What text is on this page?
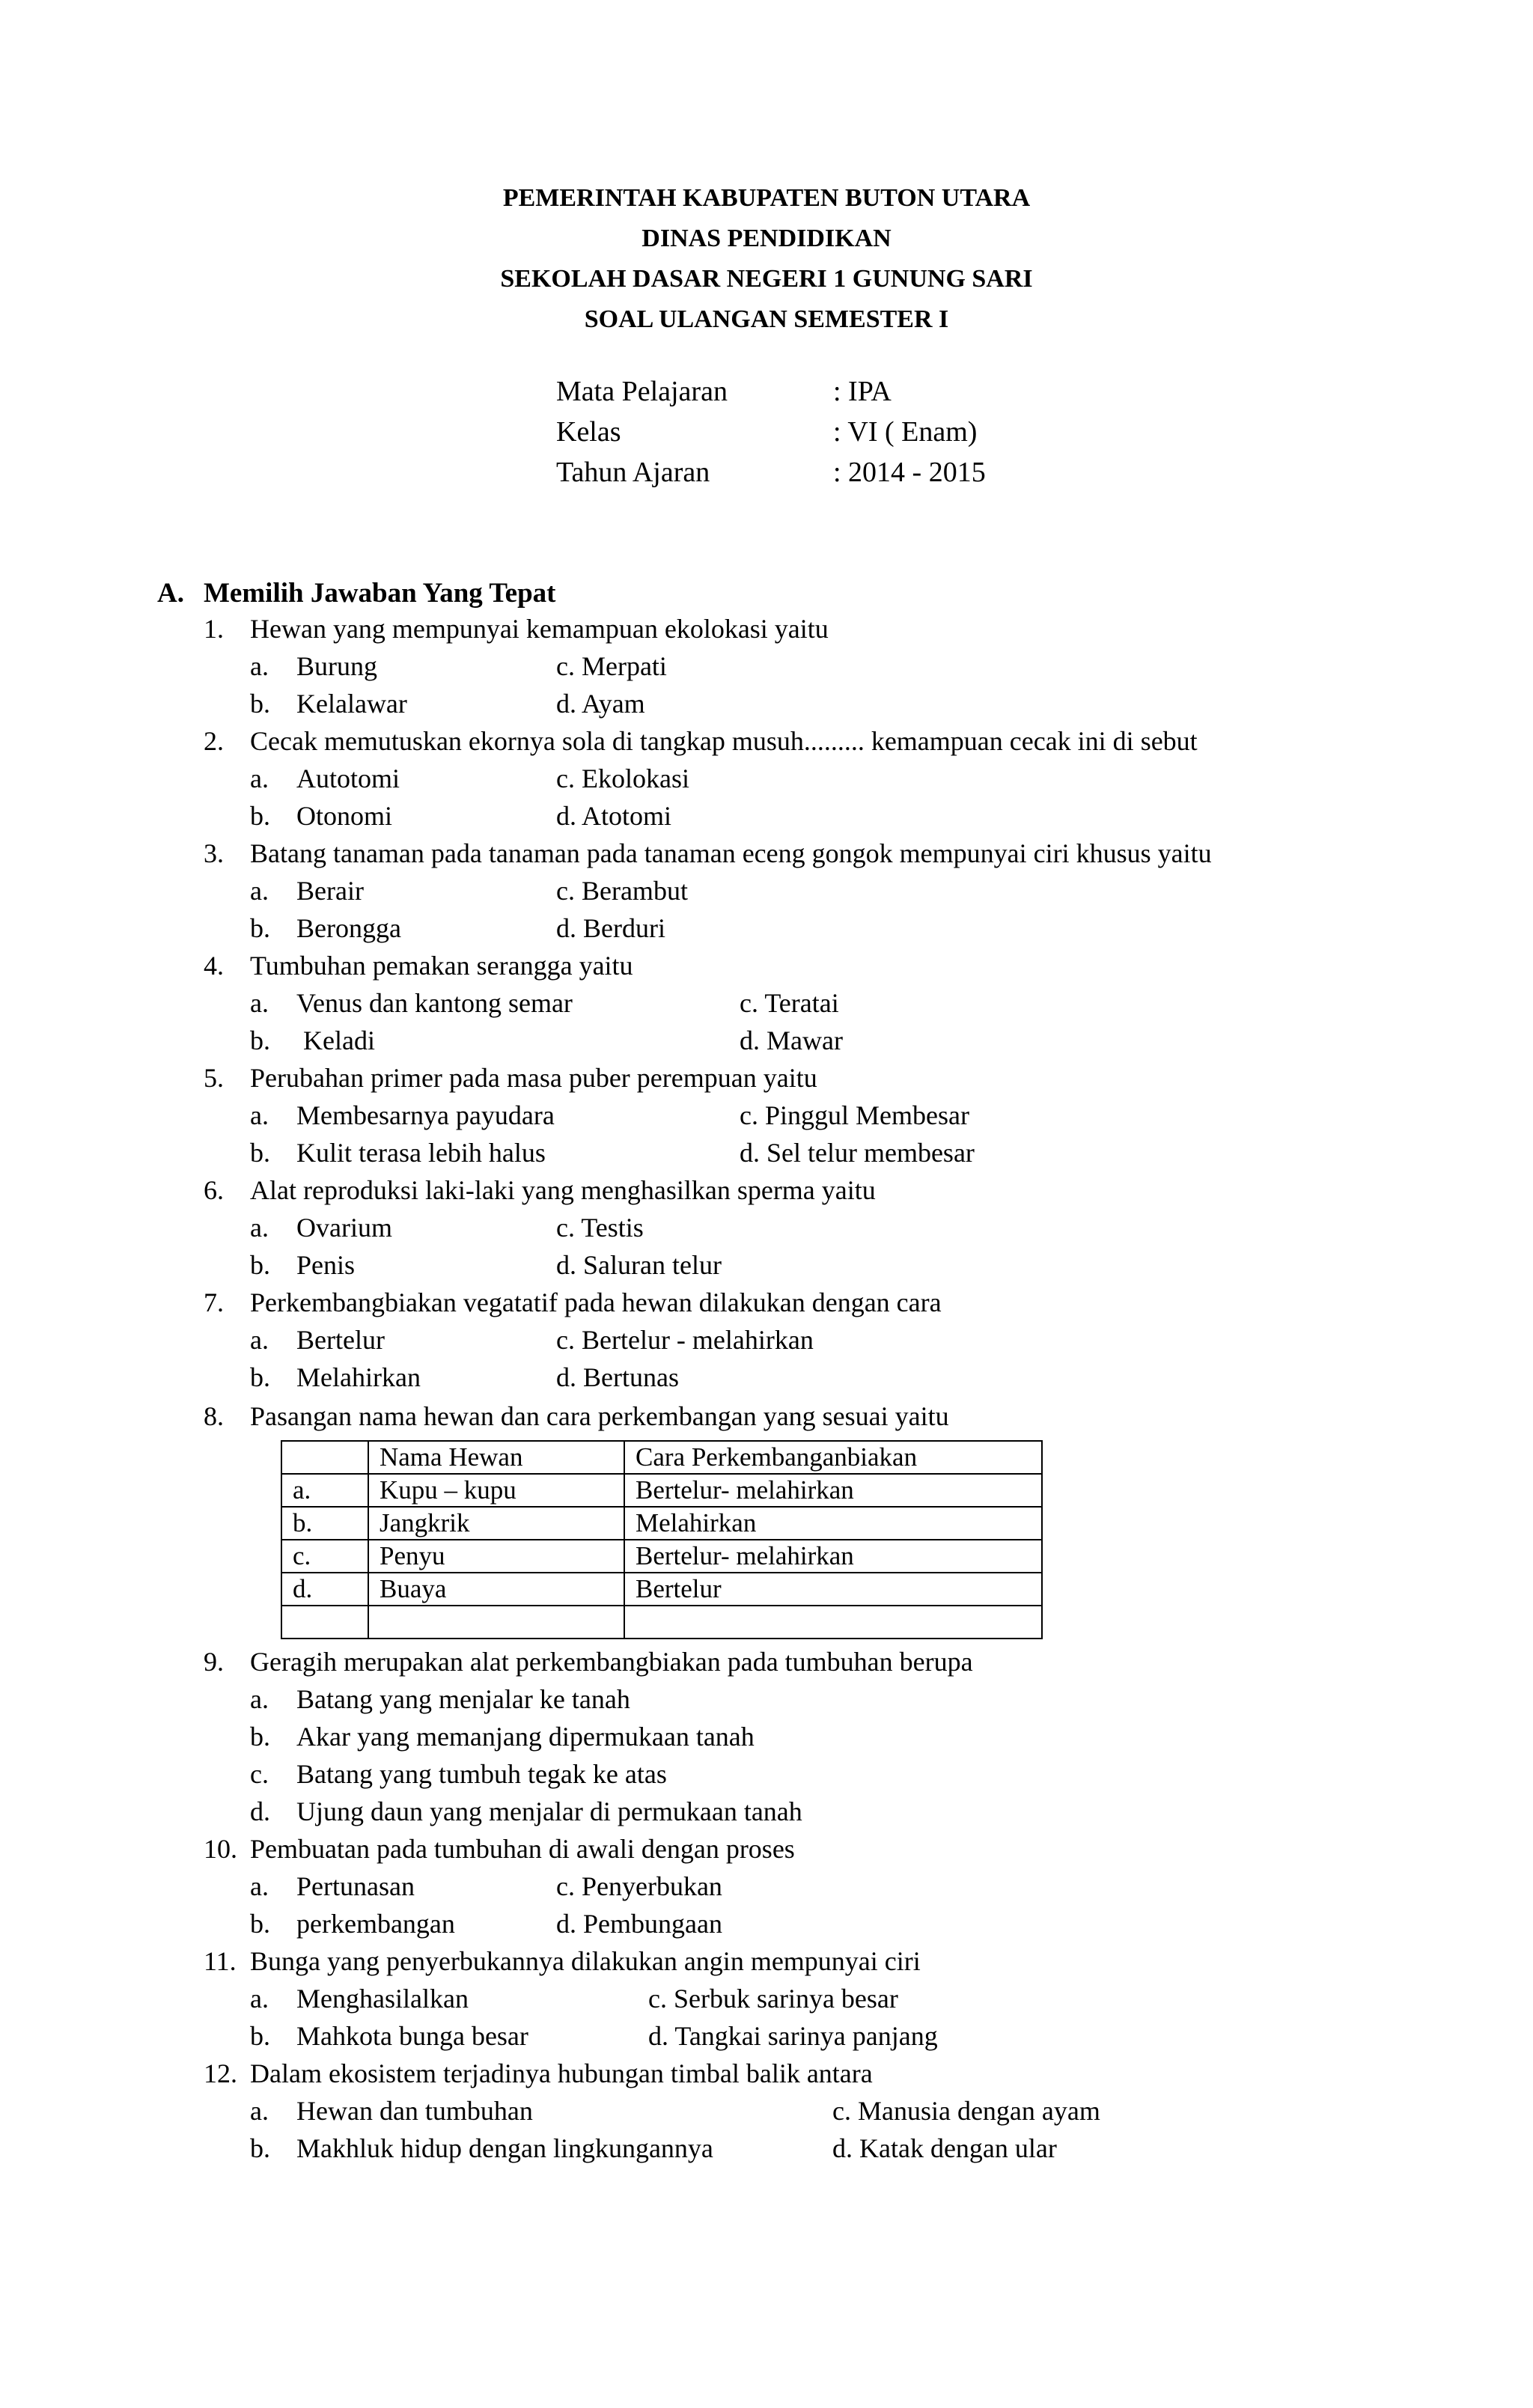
PEMERINTAH KABUPATEN BUTON UTARA
DINAS PENDIDIKAN
SEKOLAH DASAR NEGERI 1 GUNUNG SARI
SOAL ULANGAN SEMESTER I
Mata Pelajaran	: IPA
Kelas	: VI ( Enam)
Tahun Ajaran	: 2014 - 2015
A. Memilih Jawaban Yang Tepat
1. Hewan yang mempunyai kemampuan ekolokasi yaitu
a. Burung	c. Merpati
b. Kelalawar	d. Ayam
2. Cecak memutuskan ekornya sola di tangkap musuh......... kemampuan cecak ini di sebut
a. Autotomi	c. Ekolokasi
b. Otonomi	d. Atotomi
3. Batang tanaman pada tanaman pada tanaman eceng gongok mempunyai ciri khusus yaitu
a. Berair	c. Berambut
b. Berongga	d. Berduri
4. Tumbuhan pemakan serangga yaitu
a. Venus dan kantong semar	c. Teratai
b. Keladi	d. Mawar
5. Perubahan primer pada masa puber perempuan yaitu
a. Membesarnya payudara	c. Pinggul Membesar
b. Kulit terasa lebih halus	d. Sel telur membesar
6. Alat reproduksi laki-laki yang menghasilkan sperma yaitu
a. Ovarium	c. Testis
b. Penis	d. Saluran telur
7. Perkembangbiakan vegatatif pada hewan dilakukan dengan cara
a. Bertelur	c. Bertelur - melahirkan
b. Melahirkan	d. Bertunas
8. Pasangan nama hewan dan cara perkembangan yang sesuai yaitu
	Nama Hewan	Cara Perkembanganbiakan
a.	Kupu – kupu	Bertelur- melahirkan
b.	Jangkrik	Melahirkan
c.	Penyu	Bertelur- melahirkan
d.	Buaya	Bertelur

9. Geragih merupakan alat perkembangbiakan pada tumbuhan berupa
a. Batang yang menjalar ke tanah
b. Akar yang memanjang dipermukaan tanah
c. Batang yang tumbuh tegak ke atas
d. Ujung daun yang menjalar di permukaan tanah
10. Pembuatan pada tumbuhan di awali dengan proses
a. Pertunasan	c. Penyerbukan
b. perkembangan	d. Pembungaan
11. Bunga yang penyerbukannya dilakukan angin mempunyai ciri
a. Menghasilalkan	c. Serbuk sarinya besar
b. Mahkota bunga besar	d. Tangkai sarinya panjang
12. Dalam ekosistem terjadinya hubungan timbal balik antara
a. Hewan dan tumbuhan	c. Manusia dengan ayam
b. Makhluk hidup dengan lingkungannya	d. Katak dengan ular
